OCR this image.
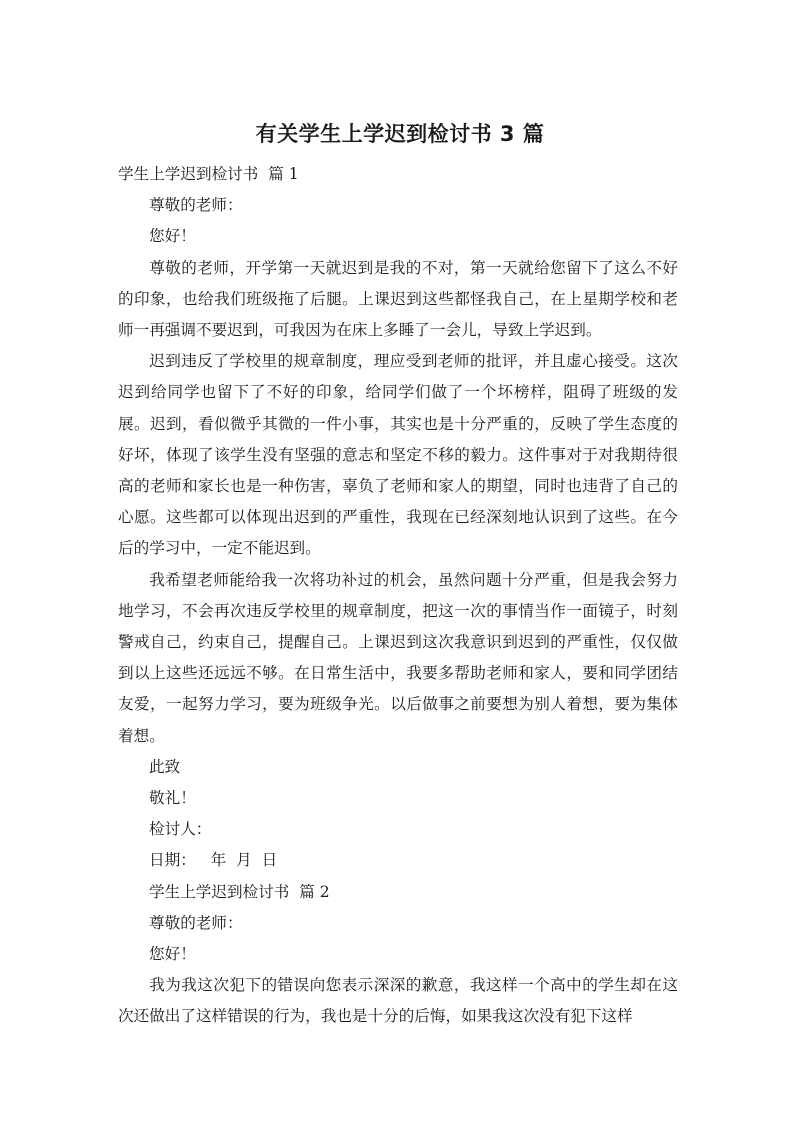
有关学生上学迟到检讨书 3 篇
学生上学迟到检讨书  篇 1
尊敬的老师：
您好！
尊敬的老师，开学第一天就迟到是我的不对，第一天就给您留下了这么不好的印象，也给我们班级拖了后腿。上课迟到这些都怪我自己，在上星期学校和老师一再强调不要迟到，可我因为在床上多睡了一会儿，导致上学迟到。
迟到违反了学校里的规章制度，理应受到老师的批评，并且虚心接受。这次迟到给同学也留下了不好的印象，给同学们做了一个坏榜样，阻碍了班级的发展。迟到，看似微乎其微的一件小事，其实也是十分严重的，反映了学生态度的好坏，体现了该学生没有坚强的意志和坚定不移的毅力。这件事对于对我期待很高的老师和家长也是一种伤害，辜负了老师和家人的期望，同时也违背了自己的心愿。这些都可以体现出迟到的严重性，我现在已经深刻地认识到了这些。在今后的学习中，一定不能迟到。
我希望老师能给我一次将功补过的机会，虽然问题十分严重，但是我会努力地学习，不会再次违反学校里的规章制度，把这一次的事情当作一面镜子，时刻警戒自己，约束自己，提醒自己。上课迟到这次我意识到迟到的严重性，仅仅做到以上这些还远远不够。在日常生活中，我要多帮助老师和家人，要和同学团结友爱，一起努力学习，要为班级争光。以后做事之前要想为别人着想，要为集体着想。
此致
敬礼！
检讨人：
日期：   年  月  日
学生上学迟到检讨书  篇 2
尊敬的老师：
您好！
我为我这次犯下的错误向您表示深深的歉意，我这样一个高中的学生却在这次还做出了这样错误的行为，我也是十分的后悔，如果我这次没有犯下这样
